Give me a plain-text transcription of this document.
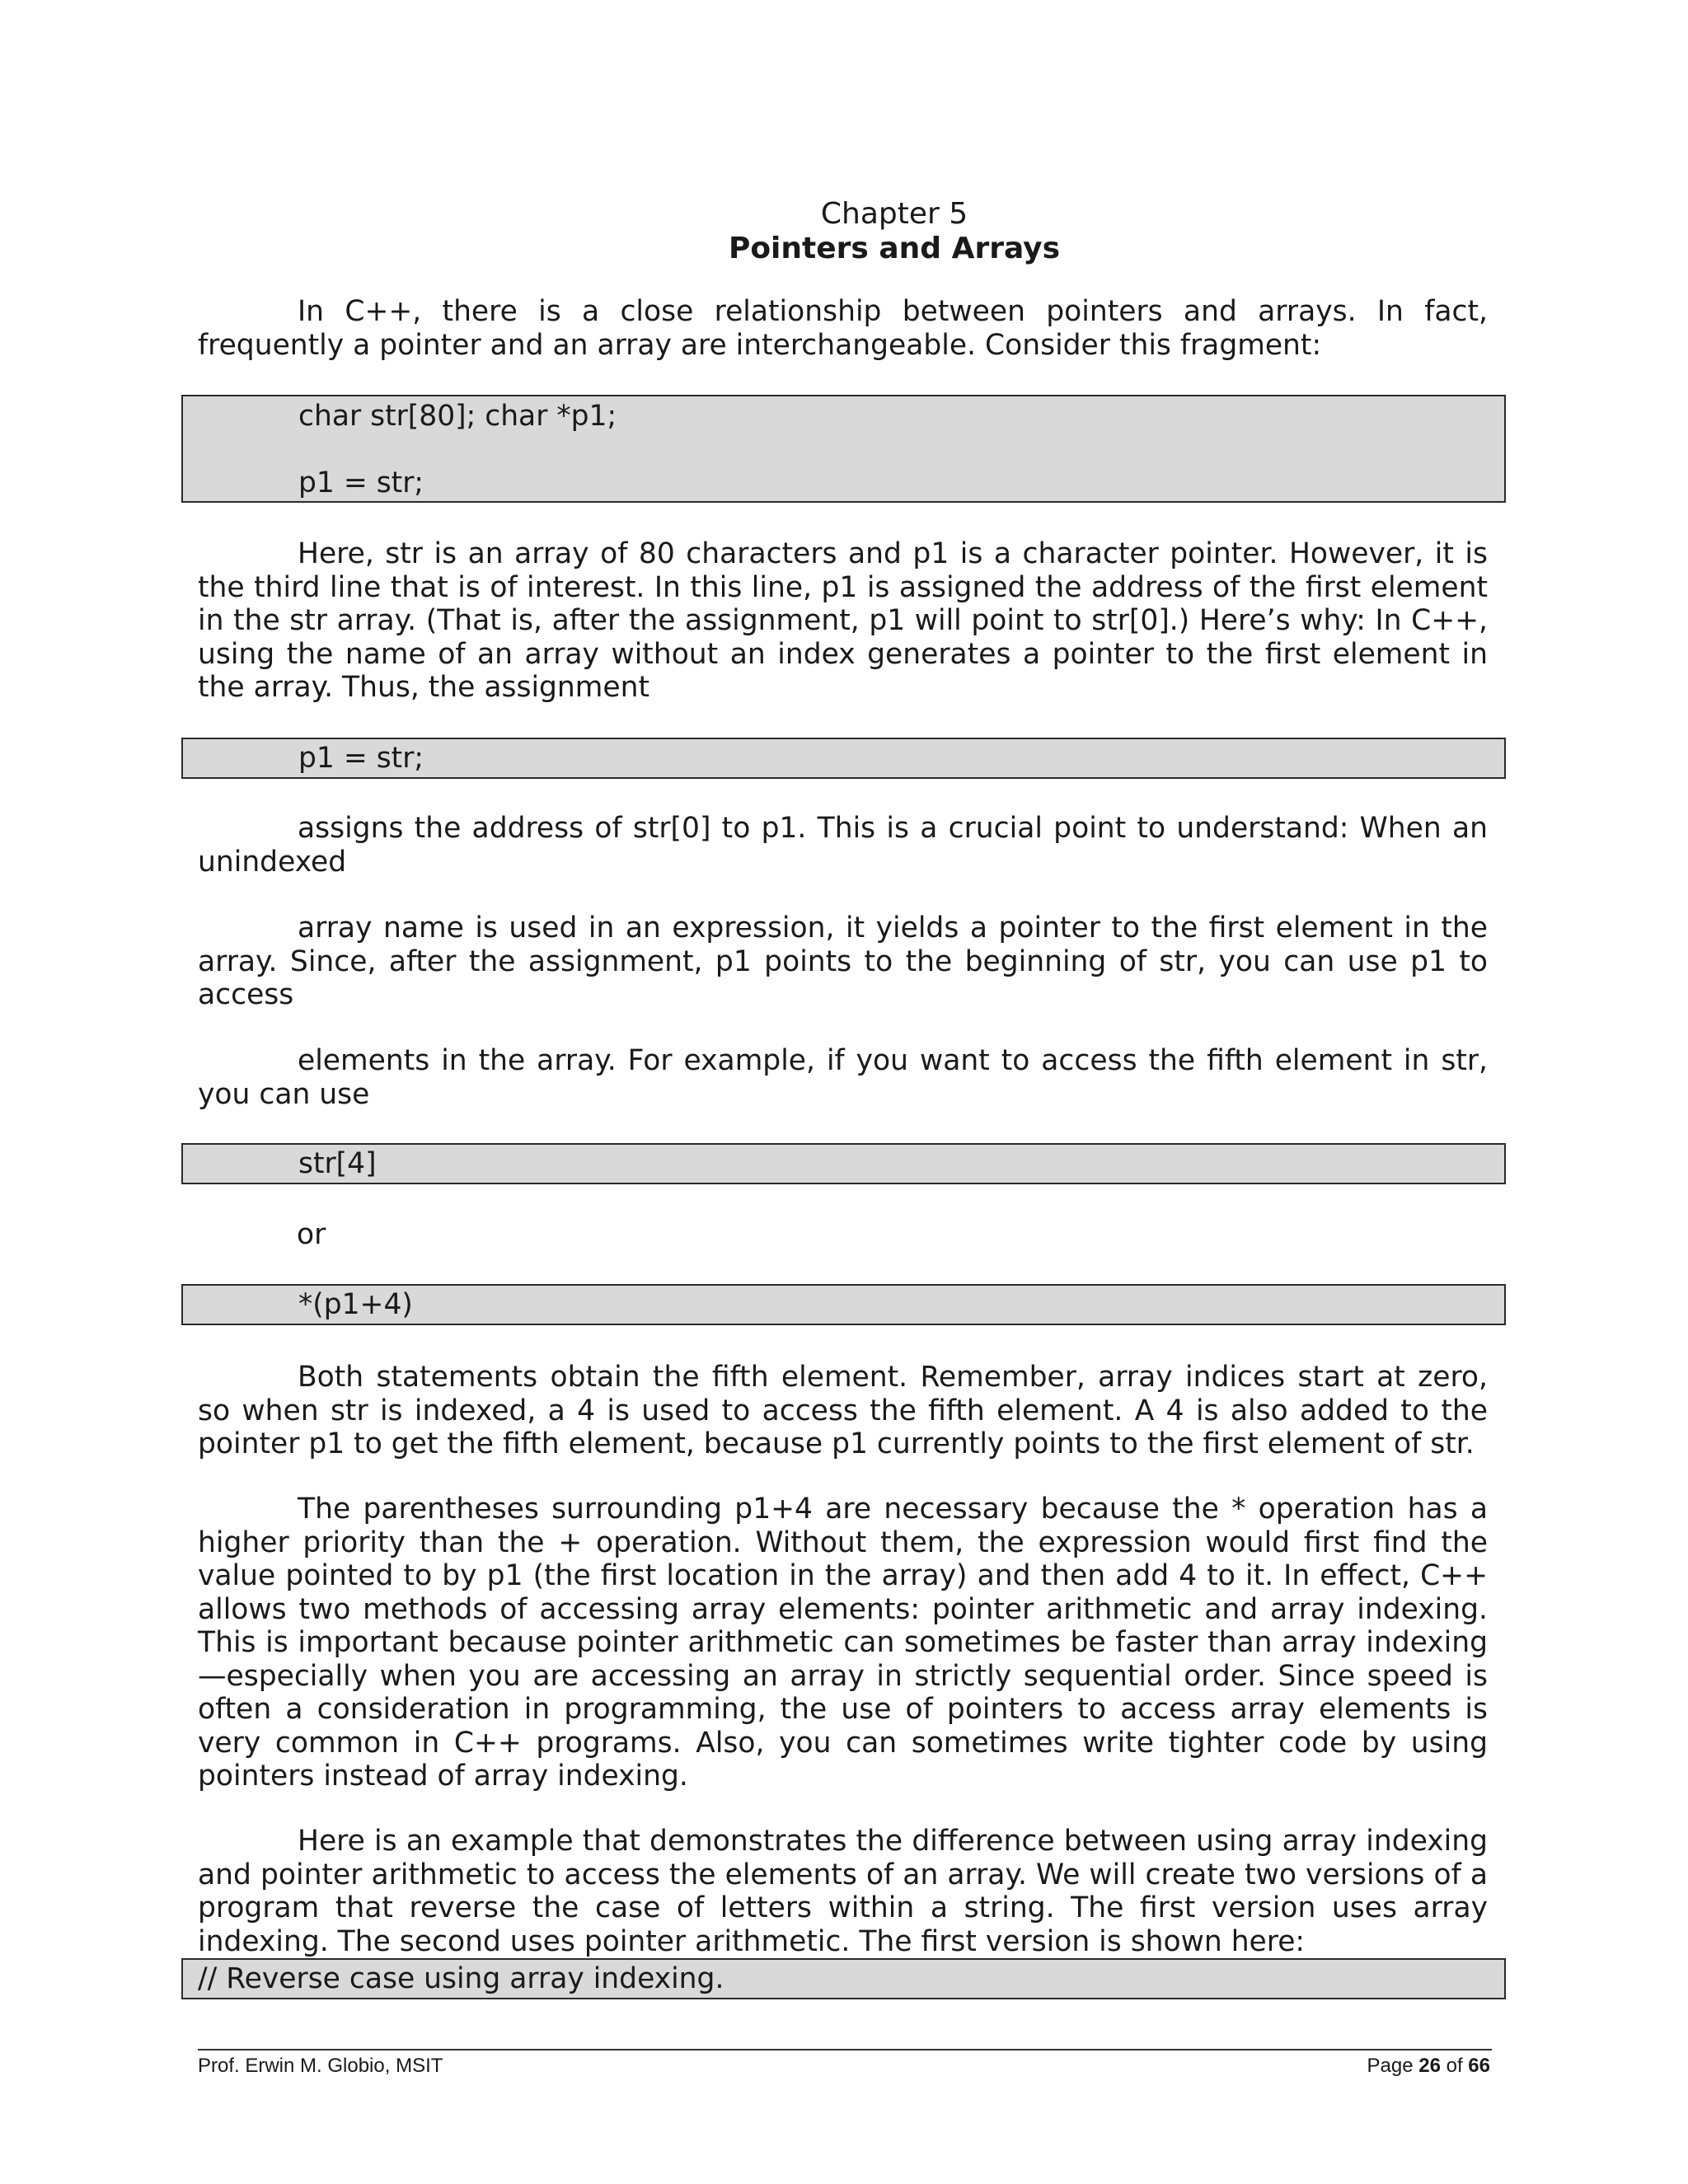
Chapter 5
Pointers and Arrays

In C++, there is a close relationship between pointers and arrays. In fact, frequently a pointer and an array are interchangeable. Consider this fragment:

char str[80]; char *p1;

p1 = str;

Here, str is an array of 80 characters and p1 is a character pointer. However, it is the third line that is of interest. In this line, p1 is assigned the address of the first element in the str array. (That is, after the assignment, p1 will point to str[0].) Here’s why: In C++, using the name of an array without an index generates a pointer to the first element in the array. Thus, the assignment

p1 = str;

assigns the address of str[0] to p1. This is a crucial point to understand: When an unindexed

array name is used in an expression, it yields a pointer to the first element in the array. Since, after the assignment, p1 points to the beginning of str, you can use p1 to access

elements in the array. For example, if you want to access the fifth element in str, you can use

str[4]

or

*(p1+4)

Both statements obtain the fifth element. Remember, array indices start at zero, so when str is indexed, a 4 is used to access the fifth element. A 4 is also added to the pointer p1 to get the fifth element, because p1 currently points to the first element of str.

The parentheses surrounding p1+4 are necessary because the * operation has a higher priority than the + operation. Without them, the expression would first find the value pointed to by p1 (the first location in the array) and then add 4 to it. In effect, C++ allows two methods of accessing array elements: pointer arithmetic and array indexing. This is important because pointer arithmetic can sometimes be faster than array indexing—especially when you are accessing an array in strictly sequential order. Since speed is often a consideration in programming, the use of pointers to access array elements is very common in C++ programs. Also, you can sometimes write tighter code by using pointers instead of array indexing.

Here is an example that demonstrates the difference between using array indexing and pointer arithmetic to access the elements of an array. We will create two versions of a program that reverse the case of letters within a string. The first version uses array indexing. The second uses pointer arithmetic. The first version is shown here:

// Reverse case using array indexing.

Prof. Erwin M. Globio, MSIT	Page 26 of 66
